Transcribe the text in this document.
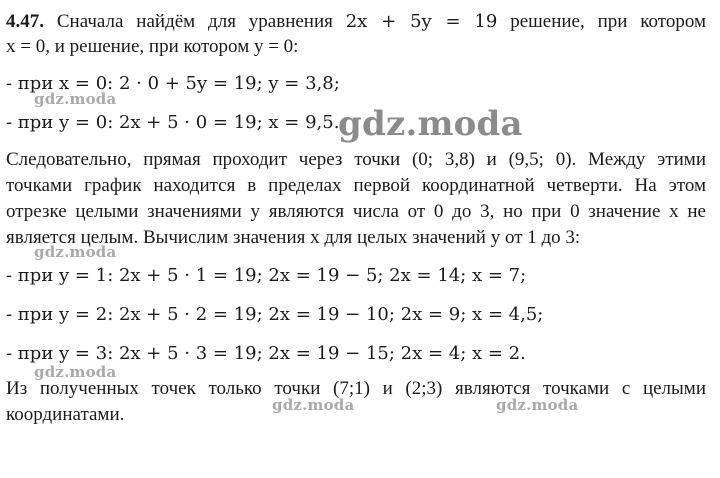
4.47. Сначала найдём для уравнения 2x + 5y = 19 решение, при котором
x = 0, и решение, при котором y = 0:
- при x = 0: 2 · 0 + 5y = 19; y = 3,8;
- при y = 0: 2x + 5 · 0 = 19; x = 9,5.
Следовательно, прямая проходит через точки (0; 3,8) и (9,5; 0). Между этими
точками график находится в пределах первой координатной четверти. На этом
отрезке целыми значениями y являются числа от 0 до 3, но при 0 значение x не
является целым. Вычислим значения x для целых значений y от 1 до 3:
- при y = 1: 2x + 5 · 1 = 19; 2x = 19 − 5; 2x = 14; x = 7;
- при y = 2: 2x + 5 · 2 = 19; 2x = 19 − 10; 2x = 9; x = 4,5;
- при y = 3: 2x + 5 · 3 = 19; 2x = 19 − 15; 2x = 4; x = 2.
Из полученных точек только точки (7;1) и (2;3) являются точками с целыми
координатами.
gdz.moda
gdz.moda
gdz.moda
gdz.moda
gdz.moda	gdz.moda
